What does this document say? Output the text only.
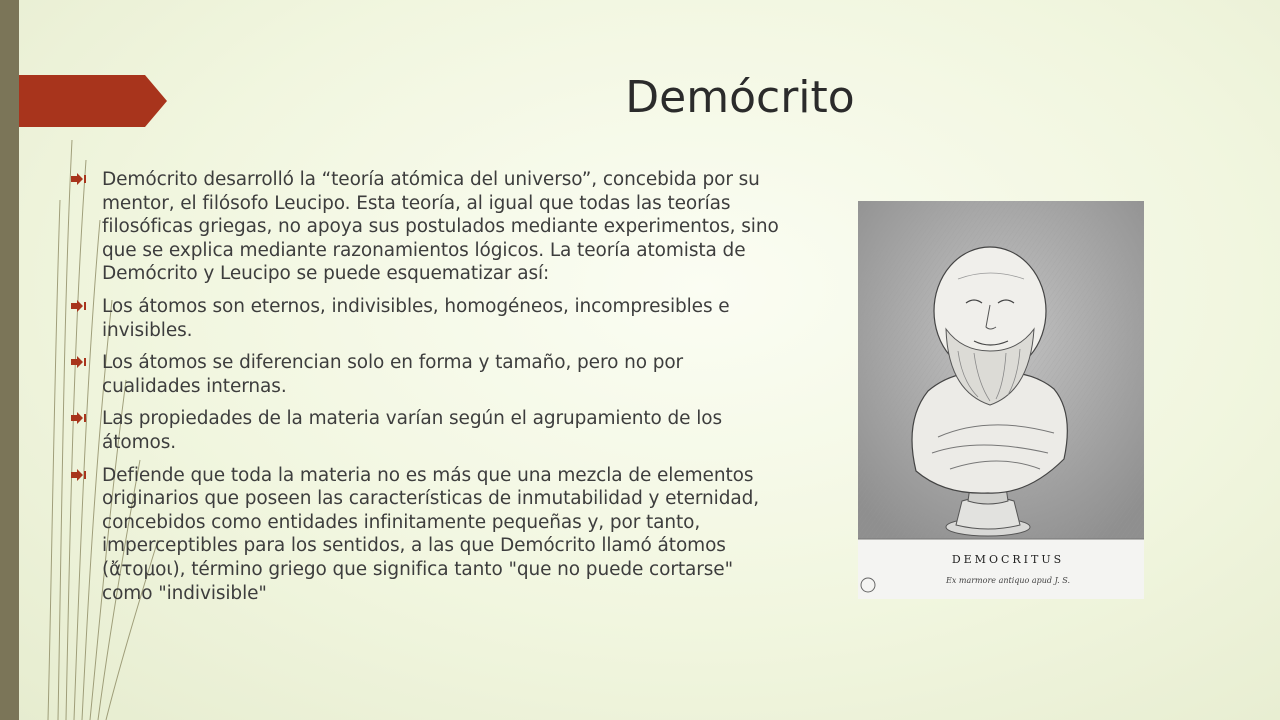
Demócrito
Demócrito desarrolló la “teoría atómica del universo”, concebida por su mentor, el filósofo Leucipo. Esta teoría, al igual que todas las teorías filosóficas griegas, no apoya sus postulados mediante experimentos, sino que se explica mediante razonamientos lógicos. La teoría atomista de Demócrito y Leucipo se puede esquematizar así:
Los átomos son eternos, indivisibles, homogéneos, incompresibles e invisibles.
Los átomos se diferencian solo en forma y tamaño, pero no por cualidades internas.
Las propiedades de la materia varían según el agrupamiento de los átomos.
Defiende que toda la materia no es más que una mezcla de elementos originarios que poseen las características de inmutabilidad y eternidad, concebidos como entidades infinitamente pequeñas y, por tanto, imperceptibles para los sentidos, a las que Demócrito llamó átomos (ἄτομοι), término griego que significa tanto "que no puede cortarse" como "indivisible"
DEMOCRITUS
Ex marmore antiquo apud J. S.
